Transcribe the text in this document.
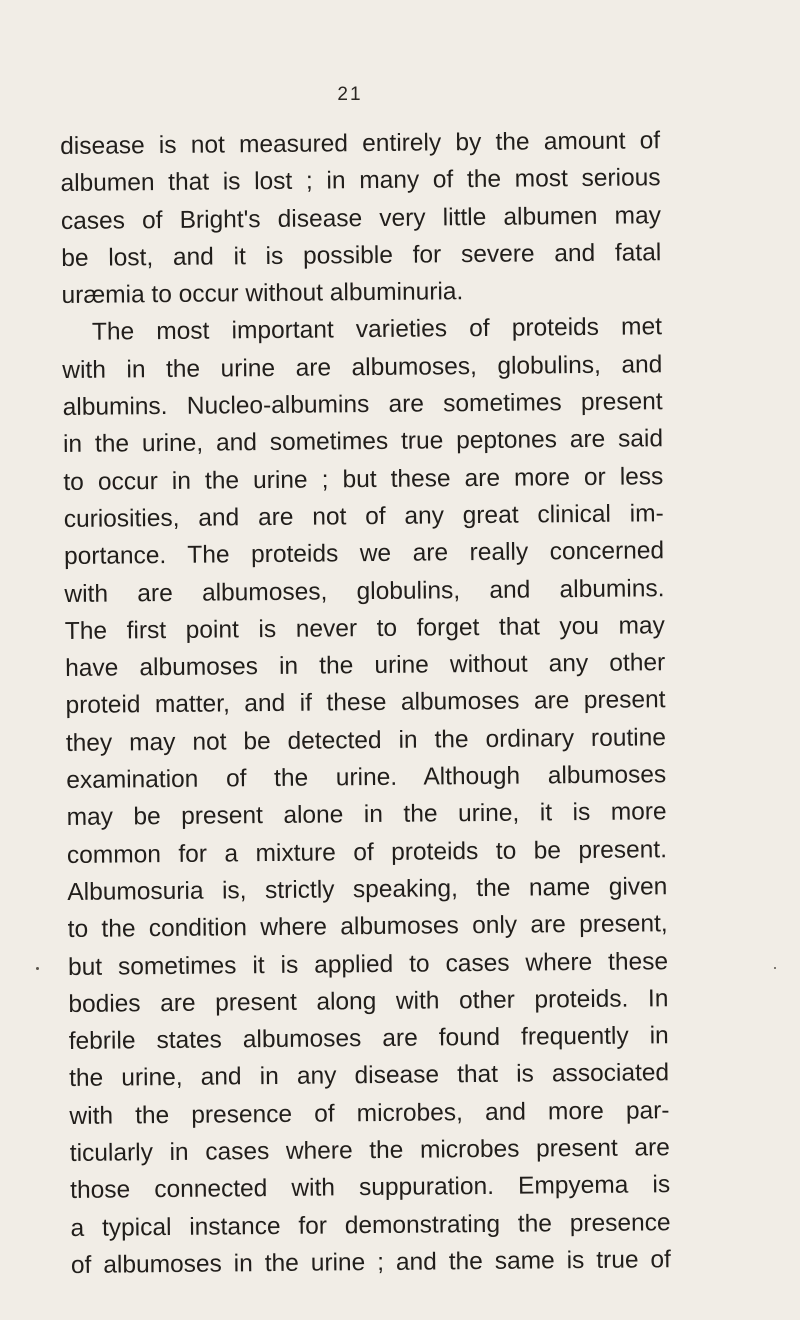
21
disease is not measured entirely by the amount of
albumen that is lost ; in many of the most serious
cases of Bright's disease very little albumen may
be lost, and it is possible for severe and fatal
uræmia to occur without albuminuria.
The most important varieties of proteids met
with in the urine are albumoses, globulins, and
albumins. Nucleo-albumins are sometimes present
in the urine, and sometimes true peptones are said
to occur in the urine ; but these are more or less
curiosities, and are not of any great clinical im-
portance. The proteids we are really concerned
with are albumoses, globulins, and albumins.
The first point is never to forget that you may
have albumoses in the urine without any other
proteid matter, and if these albumoses are present
they may not be detected in the ordinary routine
examination of the urine. Although albumoses
may be present alone in the urine, it is more
common for a mixture of proteids to be present.
Albumosuria is, strictly speaking, the name given
to the condition where albumoses only are present,
but sometimes it is applied to cases where these
bodies are present along with other proteids. In
febrile states albumoses are found frequently in
the urine, and in any disease that is associated
with the presence of microbes, and more par-
ticularly in cases where the microbes present are
those connected with suppuration. Empyema is
a typical instance for demonstrating the presence
of albumoses in the urine ; and the same is true of
